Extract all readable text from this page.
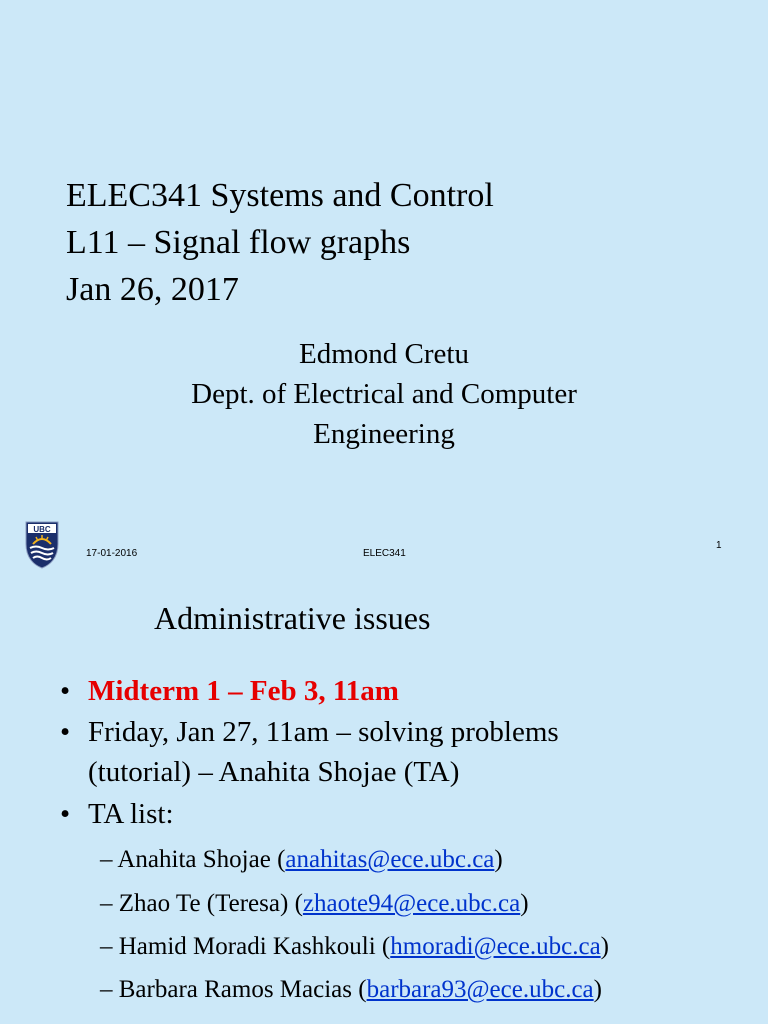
ELEC341 Systems and Control
L11 – Signal flow graphs
Jan 26, 2017
Edmond Cretu
Dept. of Electrical and Computer
Engineering
UBC
17-01-2016	ELEC341
1
Administrative issues
• Midterm 1 – Feb 3, 11am
• Friday, Jan 27, 11am – solving problems
(tutorial) – Anahita Shojae (TA)
• TA list:
– Anahita Shojae (anahitas@ece.ubc.ca)
– Zhao Te (Teresa) (zhaote94@ece.ubc.ca)
– Hamid Moradi Kashkouli (hmoradi@ece.ubc.ca)
– Barbara Ramos Macias (barbara93@ece.ubc.ca)
